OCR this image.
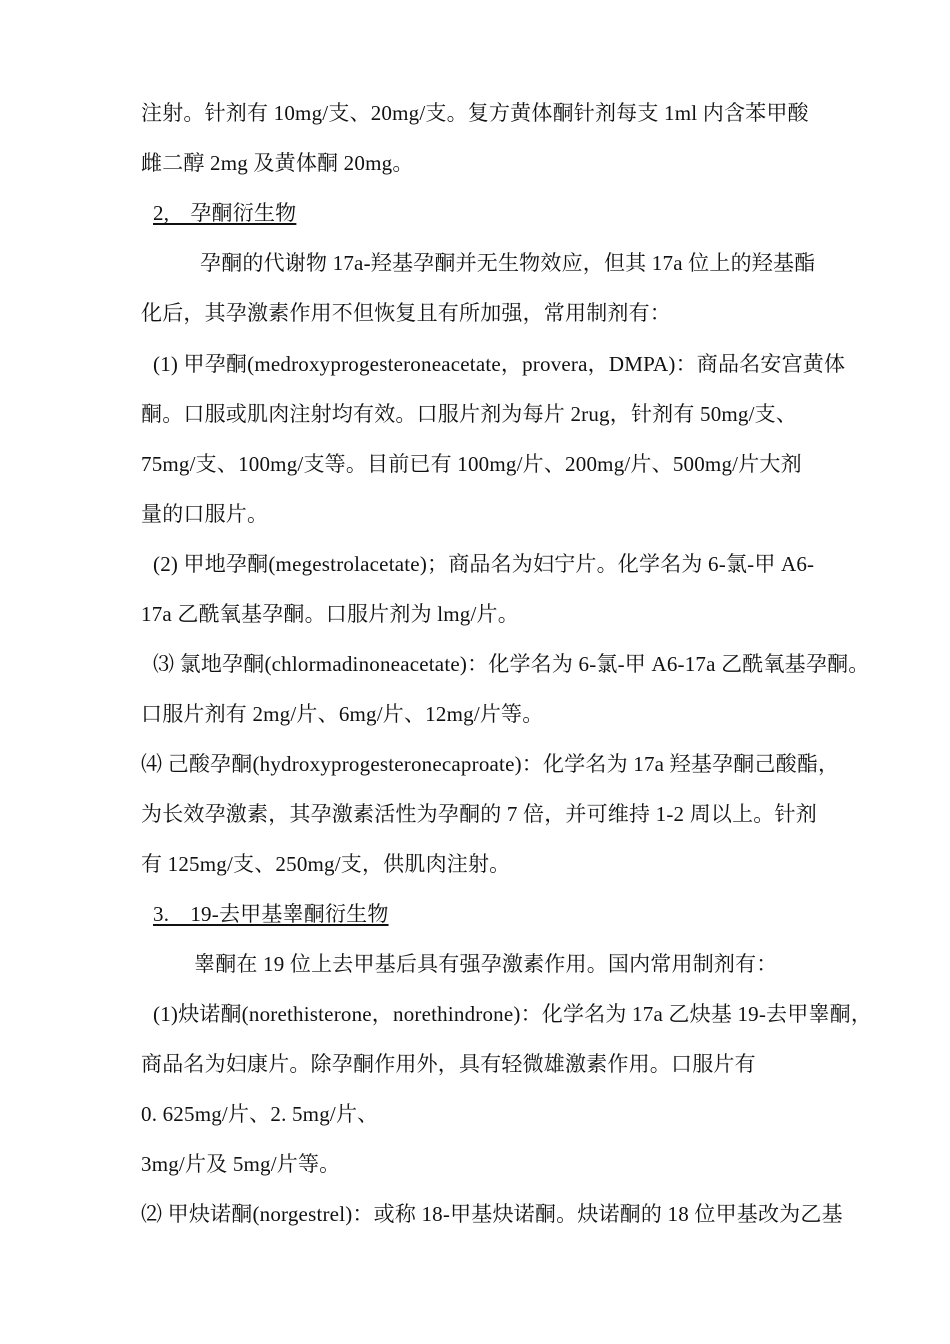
注射。针剂有 10mg/支、20mg/支。复方黄体酮针剂每支 1ml 内含苯甲酸
雌二醇 2mg 及黄体酮 20mg。
2,　孕酮衍生物
孕酮的代谢物 17a-羟基孕酮并无生物效应，但其 17a 位上的羟基酯
化后，其孕激素作用不但恢复且有所加强，常用制剂有：
(1) 甲孕酮(medroxyprogesteroneacetate，provera，DMPA)：商品名安宫黄体
酮。口服或肌肉注射均有效。口服片剂为每片 2rug，针剂有 50mg/支、
75mg/支、100mg/支等。目前已有 100mg/片、200mg/片、500mg/片大剂
量的口服片。
(2) 甲地孕酮(megestrolacetate)；商品名为妇宁片。化学名为 6-氯-甲 A6-
17a 乙酰氧基孕酮。口服片剂为 lmg/片。
⑶ 氯地孕酮(chlormadinoneacetate)：化学名为 6-氯-甲 A6-17a 乙酰氧基孕酮。
口服片剂有 2mg/片、6mg/片、12mg/片等。
⑷ 己酸孕酮(hydroxyprogesteronecaproate)：化学名为 17a 羟基孕酮己酸酯，
为长效孕激素，其孕激素活性为孕酮的 7 倍，并可维持 1-2 周以上。针剂
有 125mg/支、250mg/支，供肌肉注射。
3.　19-去甲基睾酮衍生物
睾酮在 19 位上去甲基后具有强孕激素作用。国内常用制剂有：
(1)炔诺酮(norethisterone，norethindrone)：化学名为 17a 乙炔基 19-去甲睾酮，
商品名为妇康片。除孕酮作用外，具有轻微雄激素作用。口服片有
0. 625mg/片、2. 5mg/片、
3mg/片及 5mg/片等。
⑵ 甲炔诺酮(norgestrel)：或称 18-甲基炔诺酮。炔诺酮的 18 位甲基改为乙基
